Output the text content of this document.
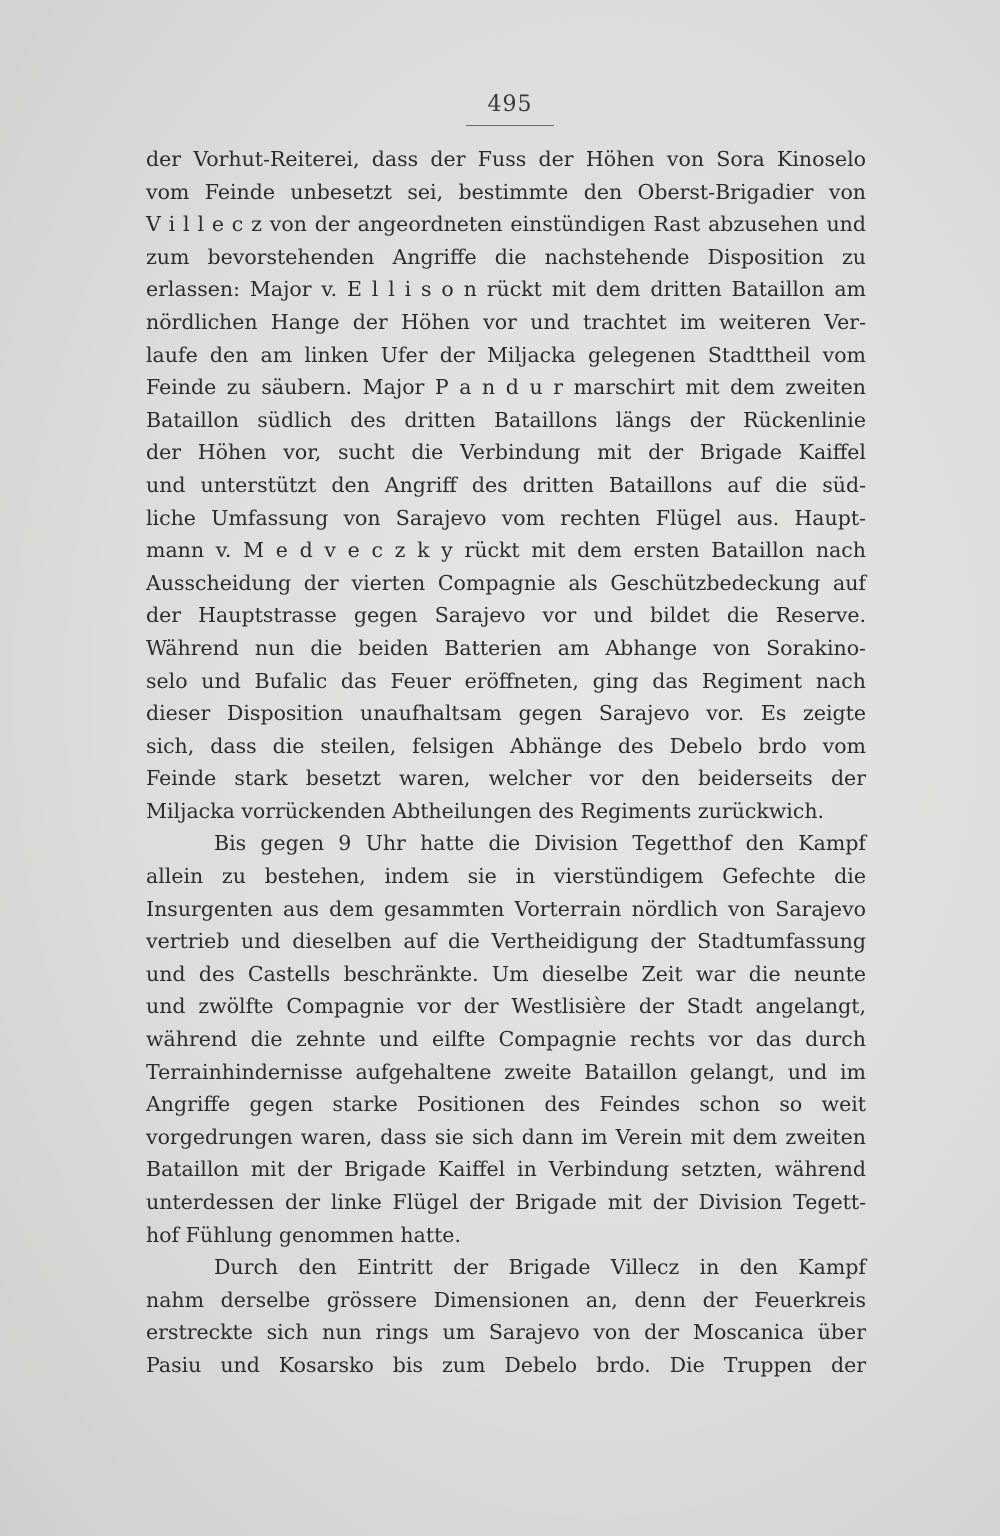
495
der Vorhut-Reiterei, dass der Fuss der Höhen von Sora Kinoselo
vom Feinde unbesetzt sei, bestimmte den Oberst-Brigadier von
V i l l e c z von der angeordneten einstündigen Rast abzusehen und
zum bevorstehenden Angriffe die nachstehende Disposition zu
erlassen: Major v. E l l i s o n rückt mit dem dritten Bataillon am
nördlichen Hange der Höhen vor und trachtet im weiteren Ver-
laufe den am linken Ufer der Miljacka gelegenen Stadttheil vom
Feinde zu säubern. Major P a n d u r marschirt mit dem zweiten
Bataillon südlich des dritten Bataillons längs der Rückenlinie
der Höhen vor, sucht die Verbindung mit der Brigade Kaiffel
und unterstützt den Angriff des dritten Bataillons auf die süd-
liche Umfassung von Sarajevo vom rechten Flügel aus. Haupt-
mann v. M e d v e c z k y rückt mit dem ersten Bataillon nach
Ausscheidung der vierten Compagnie als Geschützbedeckung auf
der Hauptstrasse gegen Sarajevo vor und bildet die Reserve.
Während nun die beiden Batterien am Abhange von Sorakino-
selo und Bufalic das Feuer eröffneten, ging das Regiment nach
dieser Disposition unaufhaltsam gegen Sarajevo vor. Es zeigte
sich, dass die steilen, felsigen Abhänge des Debelo brdo vom
Feinde stark besetzt waren, welcher vor den beiderseits der
Miljacka vorrückenden Abtheilungen des Regiments zurückwich.
Bis gegen 9 Uhr hatte die Division Tegetthof den Kampf
allein zu bestehen, indem sie in vierstündigem Gefechte die
Insurgenten aus dem gesammten Vorterrain nördlich von Sarajevo
vertrieb und dieselben auf die Vertheidigung der Stadtumfassung
und des Castells beschränkte. Um dieselbe Zeit war die neunte
und zwölfte Compagnie vor der Westlisière der Stadt angelangt,
während die zehnte und eilfte Compagnie rechts vor das durch
Terrainhindernisse aufgehaltene zweite Bataillon gelangt, und im
Angriffe gegen starke Positionen des Feindes schon so weit
vorgedrungen waren, dass sie sich dann im Verein mit dem zweiten
Bataillon mit der Brigade Kaiffel in Verbindung setzten, während
unterdessen der linke Flügel der Brigade mit der Division Tegett-
hof Fühlung genommen hatte.
Durch den Eintritt der Brigade Villecz in den Kampf
nahm derselbe grössere Dimensionen an, denn der Feuerkreis
erstreckte sich nun rings um Sarajevo von der Moscanica über
Pasiu und Kosarsko bis zum Debelo brdo. Die Truppen der
